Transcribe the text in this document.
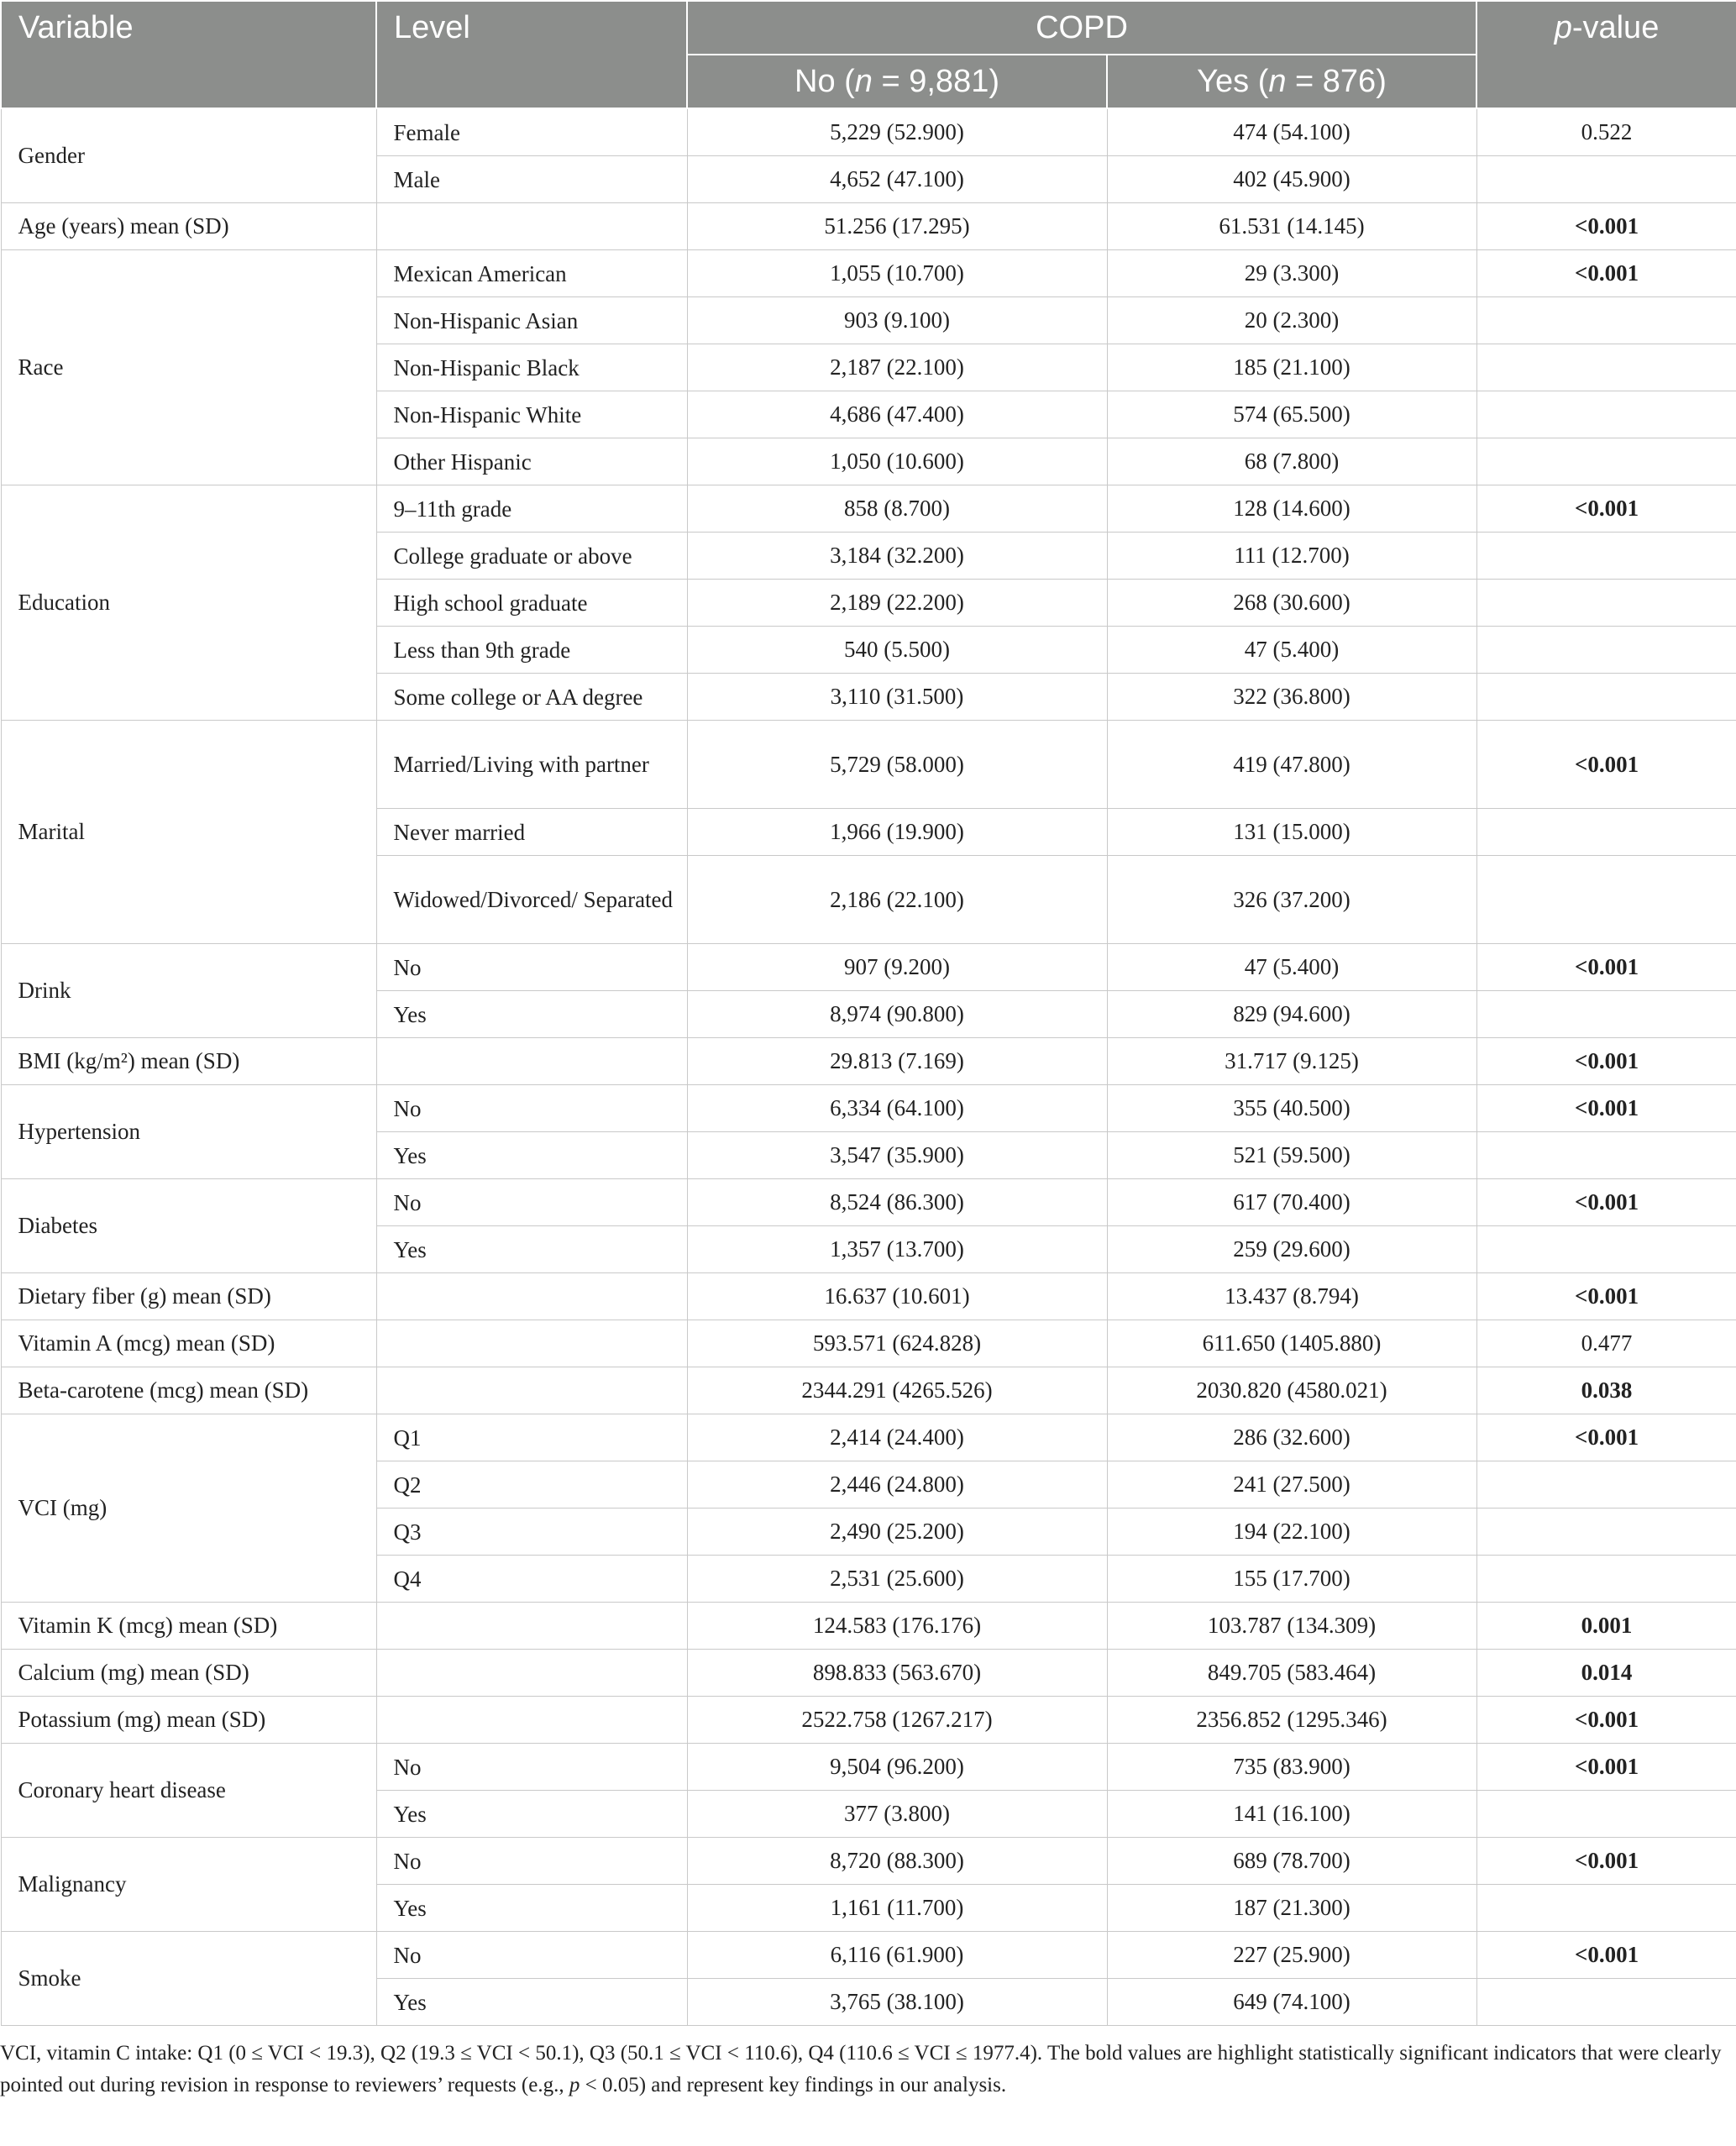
Variable	Level	COPD		p-value
		No (n = 9,881)	Yes (n = 876)	
Gender	Female	5,229 (52.900)	474 (54.100)	0.522
	Male	4,652 (47.100)	402 (45.900)	
Age (years) mean (SD)		51.256 (17.295)	61.531 (14.145)	<0.001
Race	Mexican American	1,055 (10.700)	29 (3.300)	<0.001
	Non-Hispanic Asian	903 (9.100)	20 (2.300)	
	Non-Hispanic Black	2,187 (22.100)	185 (21.100)	
	Non-Hispanic White	4,686 (47.400)	574 (65.500)	
	Other Hispanic	1,050 (10.600)	68 (7.800)	
Education	9–11th grade	858 (8.700)	128 (14.600)	<0.001
	College graduate or above	3,184 (32.200)	111 (12.700)	
	High school graduate	2,189 (22.200)	268 (30.600)	
	Less than 9th grade	540 (5.500)	47 (5.400)	
	Some college or AA degree	3,110 (31.500)	322 (36.800)	
Marital	Married/Living with partner	5,729 (58.000)	419 (47.800)	<0.001
	Never married	1,966 (19.900)	131 (15.000)	
	Widowed/Divorced/ Separated	2,186 (22.100)	326 (37.200)	
Drink	No	907 (9.200)	47 (5.400)	<0.001
	Yes	8,974 (90.800)	829 (94.600)	
BMI (kg/m²) mean (SD)		29.813 (7.169)	31.717 (9.125)	<0.001
Hypertension	No	6,334 (64.100)	355 (40.500)	<0.001
	Yes	3,547 (35.900)	521 (59.500)	
Diabetes	No	8,524 (86.300)	617 (70.400)	<0.001
	Yes	1,357 (13.700)	259 (29.600)	
Dietary fiber (g) mean (SD)		16.637 (10.601)	13.437 (8.794)	<0.001
Vitamin A (mcg) mean (SD)		593.571 (624.828)	611.650 (1405.880)	0.477
Beta-carotene (mcg) mean (SD)		2344.291 (4265.526)	2030.820 (4580.021)	0.038
VCI (mg)	Q1	2,414 (24.400)	286 (32.600)	<0.001
	Q2	2,446 (24.800)	241 (27.500)	
	Q3	2,490 (25.200)	194 (22.100)	
	Q4	2,531 (25.600)	155 (17.700)	
Vitamin K (mcg) mean (SD)		124.583 (176.176)	103.787 (134.309)	0.001
Calcium (mg) mean (SD)		898.833 (563.670)	849.705 (583.464)	0.014
Potassium (mg) mean (SD)		2522.758 (1267.217)	2356.852 (1295.346)	<0.001
Coronary heart disease	No	9,504 (96.200)	735 (83.900)	<0.001
	Yes	377 (3.800)	141 (16.100)	
Malignancy	No	8,720 (88.300)	689 (78.700)	<0.001
	Yes	1,161 (11.700)	187 (21.300)	
Smoke	No	6,116 (61.900)	227 (25.900)	<0.001
	Yes	3,765 (38.100)	649 (74.100)	

VCI, vitamin C intake: Q1 (0 ≤ VCI < 19.3), Q2 (19.3 ≤ VCI < 50.1), Q3 (50.1 ≤ VCI < 110.6), Q4 (110.6 ≤ VCI ≤ 1977.4). The bold values are highlight statistically significant indicators that were clearly pointed out during revision in response to reviewers’ requests (e.g., p < 0.05) and represent key findings in our analysis.
